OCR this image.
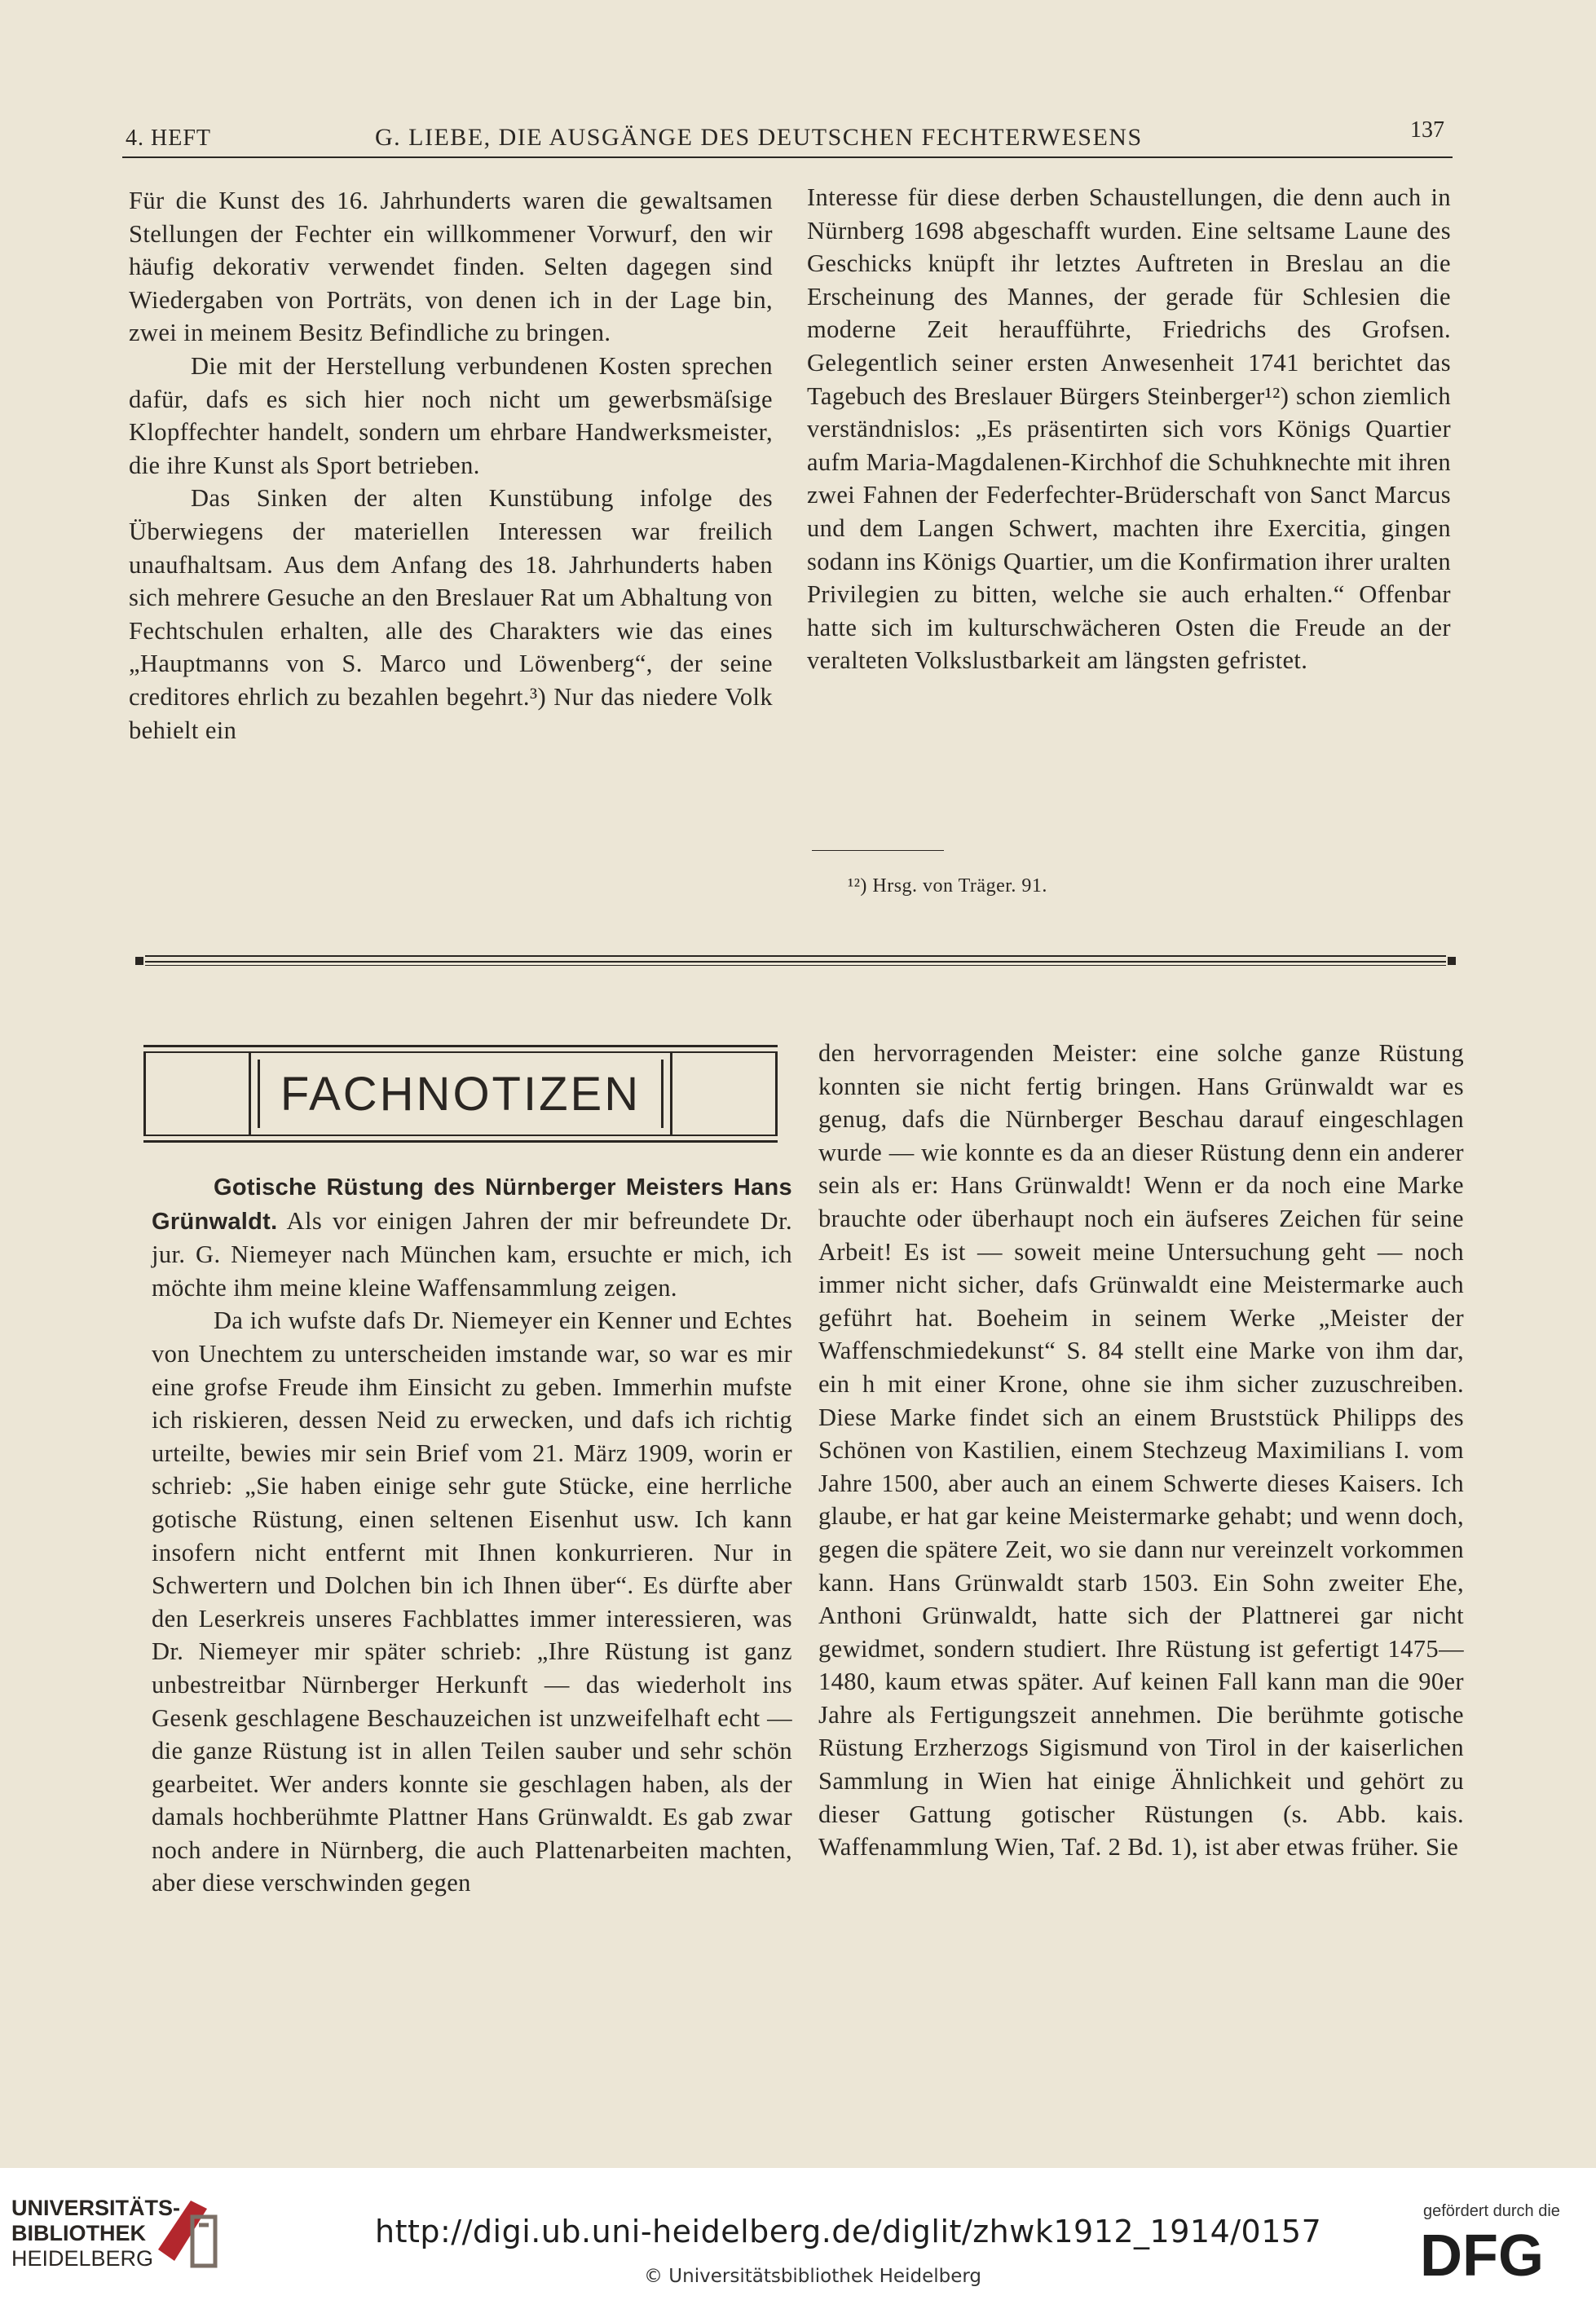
4. HEFT	G. LIEBE, DIE AUSGÄNGE DES DEUTSCHEN FECHTERWESENS	137

Für die Kunst des 16. Jahrhunderts waren die gewaltsamen Stellungen der Fechter ein willkommener Vorwurf, den wir häufig dekorativ verwendet finden. Selten dagegen sind Wiedergaben von Porträts, von denen ich in der Lage bin, zwei in meinem Besitz Befindliche zu bringen.

Die mit der Herstellung verbundenen Kosten sprechen dafür, dafs es sich hier noch nicht um gewerbsmäſsige Klopffechter handelt, sondern um ehrbare Handwerksmeister, die ihre Kunst als Sport betrieben.

Das Sinken der alten Kunstübung infolge des Überwiegens der materiellen Interessen war freilich unaufhaltsam. Aus dem Anfang des 18. Jahrhunderts haben sich mehrere Gesuche an den Breslauer Rat um Abhaltung von Fechtschulen erhalten, alle des Charakters wie das eines „Hauptmanns von S. Marco und Löwenberg“, der seine creditores ehrlich zu bezahlen begehrt.³) Nur das niedere Volk behielt ein

Interesse für diese derben Schaustellungen, die denn auch in Nürnberg 1698 abgeschafft wurden. Eine seltsame Laune des Geschicks knüpft ihr letztes Auftreten in Breslau an die Erscheinung des Mannes, der gerade für Schlesien die moderne Zeit heraufführte, Friedrichs des Grofsen. Gelegentlich seiner ersten Anwesenheit 1741 berichtet das Tagebuch des Breslauer Bürgers Steinberger¹²) schon ziemlich verständnislos: „Es präsentirten sich vors Königs Quartier aufm Maria-Magdalenen-Kirchhof die Schuhknechte mit ihren zwei Fahnen der Federfechter-Brüderschaft von Sanct Marcus und dem Langen Schwert, machten ihre Exercitia, gingen sodann ins Königs Quartier, um die Konfirmation ihrer uralten Privilegien zu bitten, welche sie auch erhalten.“ Offenbar hatte sich im kulturschwächeren Osten die Freude an der veralteten Volkslustbarkeit am längsten gefristet.

¹²) Hrsg. von Träger. 91.
FACHNOTIZEN

Gotische Rüstung des Nürnberger Meisters Hans Grünwaldt. Als vor einigen Jahren der mir befreundete Dr. jur. G. Niemeyer nach München kam, ersuchte er mich, ich möchte ihm meine kleine Waffensammlung zeigen.

Da ich wufste dafs Dr. Niemeyer ein Kenner und Echtes von Unechtem zu unterscheiden imstande war, so war es mir eine grofse Freude ihm Einsicht zu geben. Immerhin mufste ich riskieren, dessen Neid zu erwecken, und dafs ich richtig urteilte, bewies mir sein Brief vom 21. März 1909, worin er schrieb: „Sie haben einige sehr gute Stücke, eine herrliche gotische Rüstung, einen seltenen Eisenhut usw. Ich kann insofern nicht entfernt mit Ihnen konkurrieren. Nur in Schwertern und Dolchen bin ich Ihnen über“. Es dürfte aber den Leserkreis unseres Fachblattes immer interessieren, was Dr. Niemeyer mir später schrieb: „Ihre Rüstung ist ganz unbestreitbar Nürnberger Herkunft — das wiederholt ins Gesenk geschlagene Beschauzeichen ist unzweifelhaft echt — die ganze Rüstung ist in allen Teilen sauber und sehr schön gearbeitet. Wer anders konnte sie geschlagen haben, als der damals hochberühmte Plattner Hans Grünwaldt. Es gab zwar noch andere in Nürnberg, die auch Plattenarbeiten machten, aber diese verschwinden gegen

den hervorragenden Meister: eine solche ganze Rüstung konnten sie nicht fertig bringen. Hans Grünwaldt war es genug, dafs die Nürnberger Beschau darauf eingeschlagen wurde — wie konnte es da an dieser Rüstung denn ein anderer sein als er: Hans Grünwaldt! Wenn er da noch eine Marke brauchte oder überhaupt noch ein äufseres Zeichen für seine Arbeit! Es ist — soweit meine Untersuchung geht — noch immer nicht sicher, dafs Grünwaldt eine Meistermarke auch geführt hat. Boeheim in seinem Werke „Meister der Waffenschmiedekunst“ S. 84 stellt eine Marke von ihm dar, ein h mit einer Krone, ohne sie ihm sicher zuzuschreiben. Diese Marke findet sich an einem Bruststück Philipps des Schönen von Kastilien, einem Stechzeug Maximilians I. vom Jahre 1500, aber auch an einem Schwerte dieses Kaisers. Ich glaube, er hat gar keine Meistermarke gehabt; und wenn doch, gegen die spätere Zeit, wo sie dann nur vereinzelt vorkommen kann. Hans Grünwaldt starb 1503. Ein Sohn zweiter Ehe, Anthoni Grünwaldt, hatte sich der Plattnerei gar nicht gewidmet, sondern studiert. Ihre Rüstung ist gefertigt 1475—1480, kaum etwas später. Auf keinen Fall kann man die 90er Jahre als Fertigungszeit annehmen. Die berühmte gotische Rüstung Erzherzogs Sigismund von Tirol in der kaiserlichen Sammlung in Wien hat einige Ähnlichkeit und gehört zu dieser Gattung gotischer Rüstungen (s. Abb. kais. Waffenammlung Wien, Taf. 2 Bd. 1), ist aber etwas früher. Sie

UNIVERSITÄTS-
BIBLIOTHEK
HEIDELBERG
http://digi.ub.uni-heidelberg.de/diglit/zhwk1912_1914/0157
© Universitätsbibliothek Heidelberg
gefördert durch die
DFG
